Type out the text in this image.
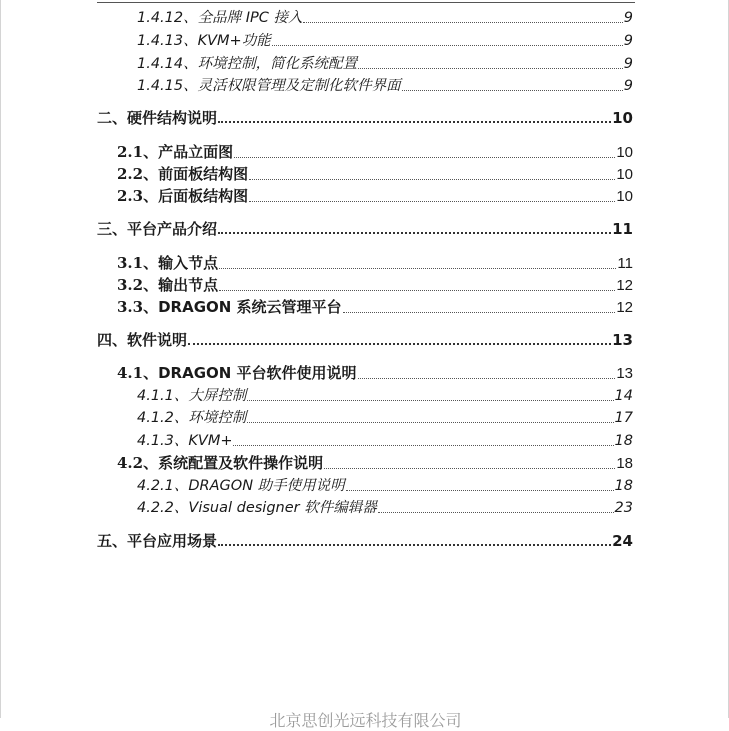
1.4.12、全品牌 IPC 接入	9
1.4.13、KVM+功能	9
1.4.14、环境控制，简化系统配置	9
1.4.15、灵活权限管理及定制化软件界面	9
二、硬件结构说明	10
2.1、产品立面图	10
2.2、前面板结构图	10
2.3、后面板结构图	10
三、平台产品介绍	11
3.1、输入节点	11
3.2、输出节点	12
3.3、DRAGON 系统云管理平台	12
四、软件说明	13
4.1、DRAGON 平台软件使用说明	13
4.1.1、大屏控制	14
4.1.2、环境控制	17
4.1.3、KVM+	18
4.2、系统配置及软件操作说明	18
4.2.1、DRAGON 助手使用说明	18
4.2.2、Visual designer 软件编辑器	23
五、平台应用场景	24
北京思创光远科技有限公司
